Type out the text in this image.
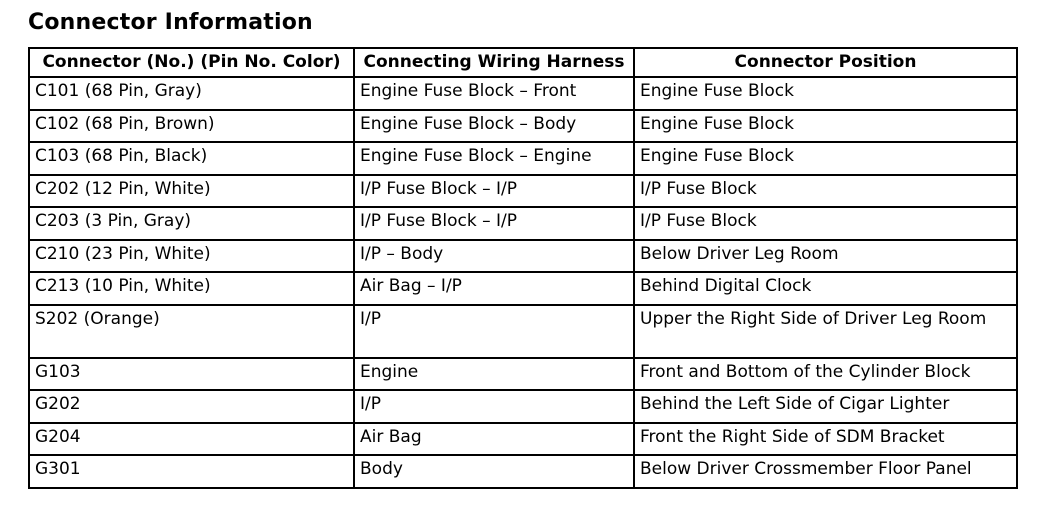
Connector Information
Connector (No.) (Pin No. Color)	Connecting Wiring Harness	Connector Position
C101 (68 Pin, Gray)	Engine Fuse Block – Front	Engine Fuse Block
C102 (68 Pin, Brown)	Engine Fuse Block – Body	Engine Fuse Block
C103 (68 Pin, Black)	Engine Fuse Block – Engine	Engine Fuse Block
C202 (12 Pin, White)	I/P Fuse Block – I/P	I/P Fuse Block
C203 (3 Pin, Gray)	I/P Fuse Block – I/P	I/P Fuse Block
C210 (23 Pin, White)	I/P – Body	Below Driver Leg Room
C213 (10 Pin, White)	Air Bag – I/P	Behind Digital Clock
S202 (Orange)	I/P	Upper the Right Side of Driver Leg Room
G103	Engine	Front and Bottom of the Cylinder Block
G202	I/P	Behind the Left Side of Cigar Lighter
G204	Air Bag	Front the Right Side of SDM Bracket
G301	Body	Below Driver Crossmember Floor Panel
